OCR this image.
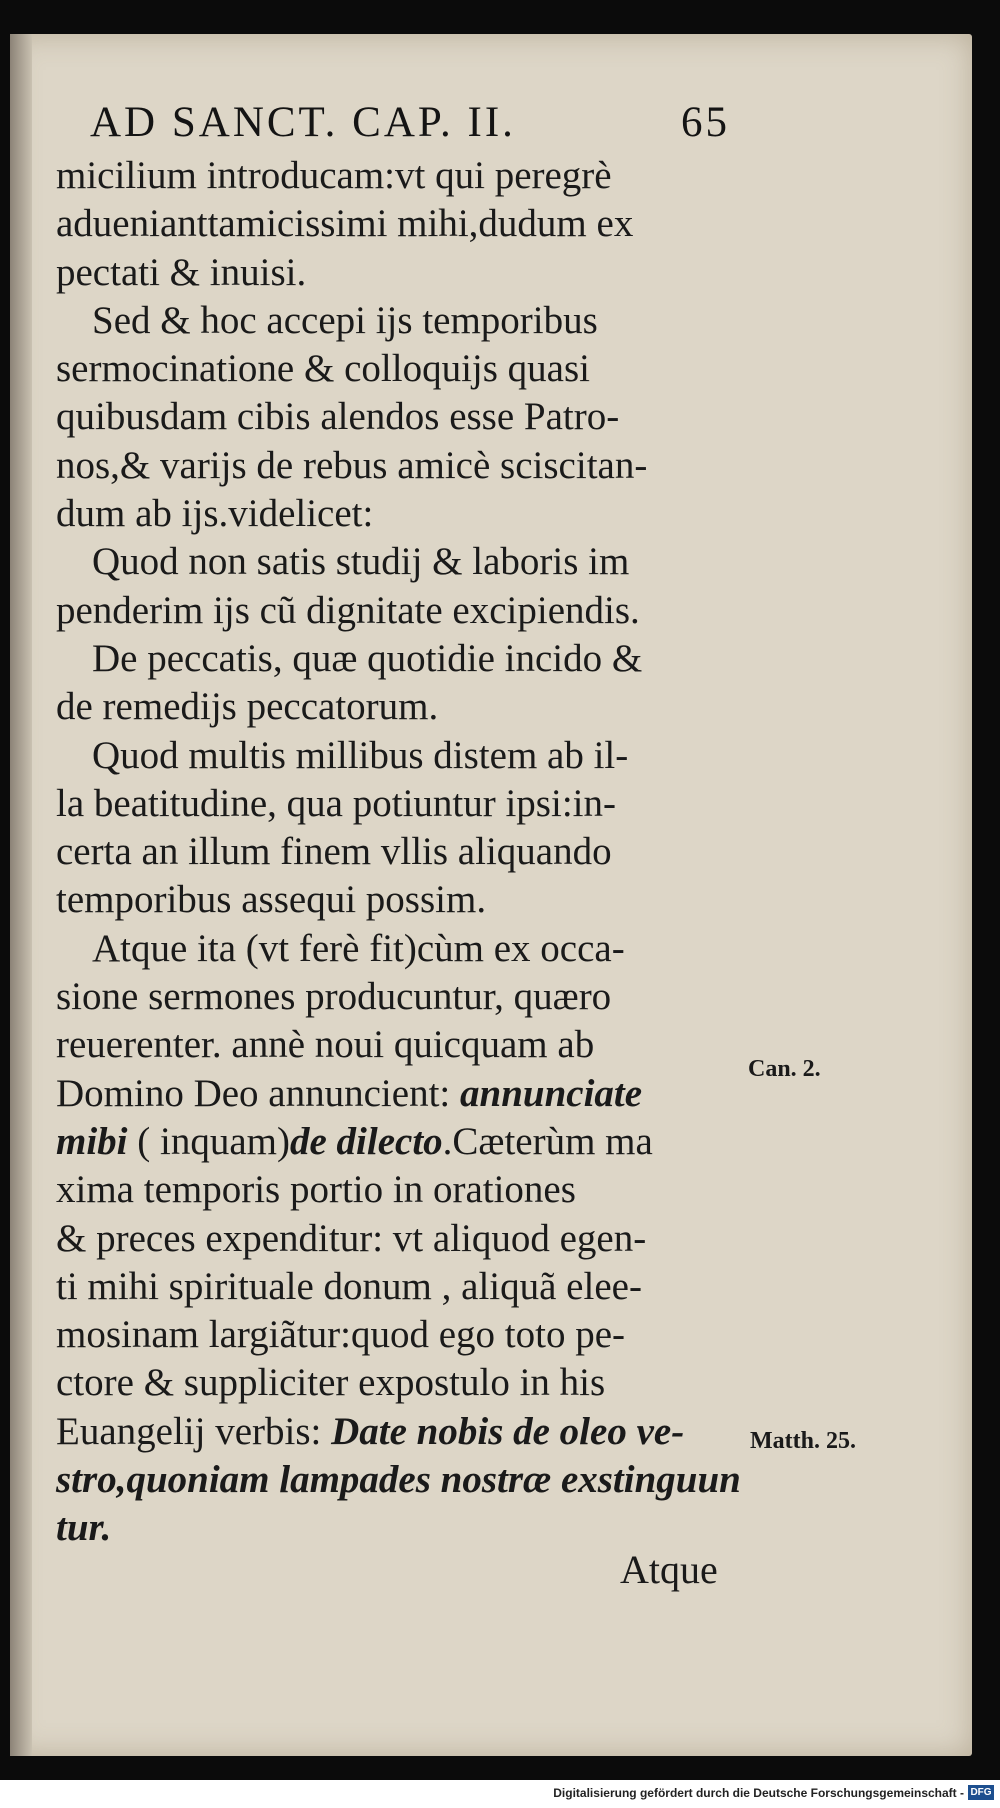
AD SANCT. CAP. II.	65
micilium introducam:vt qui peregrè
aduenianttamicissimi mihi,dudum ex
pectati & inuisi.
Sed & hoc accepi ijs temporibus
sermocinatione & colloquijs quasi
quibusdam cibis alendos esse Patro-
nos,& varijs de rebus amicè sciscitan-
dum ab ijs.videlicet:
Quod non satis studij & laboris im
penderim ijs cũ dignitate excipiendis.
De peccatis, quæ quotidie incido &
de remedijs peccatorum.
Quod multis millibus distem ab il-
la beatitudine, qua potiuntur ipsi:in-
certa an illum finem vllis aliquando
temporibus assequi possim.
Atque ita (vt ferè fit)cùm ex occa-
sione sermones producuntur, quæro
reuerenter. annè noui quicquam ab
Domino Deo annuncient: annunciate
mibi ( inquam)de dilecto.Cæterùm ma
xima temporis portio in orationes
& preces expenditur: vt aliquod egen-
ti mihi spirituale donum , aliquã elee-
mosinam largiãtur:quod ego toto pe-
ctore & suppliciter expostulo in his
Euangelij verbis: Date nobis de oleo ve-
stro,quoniam lampades nostræ exstinguun
tur.
Atque
Can. 2.
Matth. 25.
Digitalisierung gefördert durch die Deutsche Forschungsgemeinschaft - DFG
